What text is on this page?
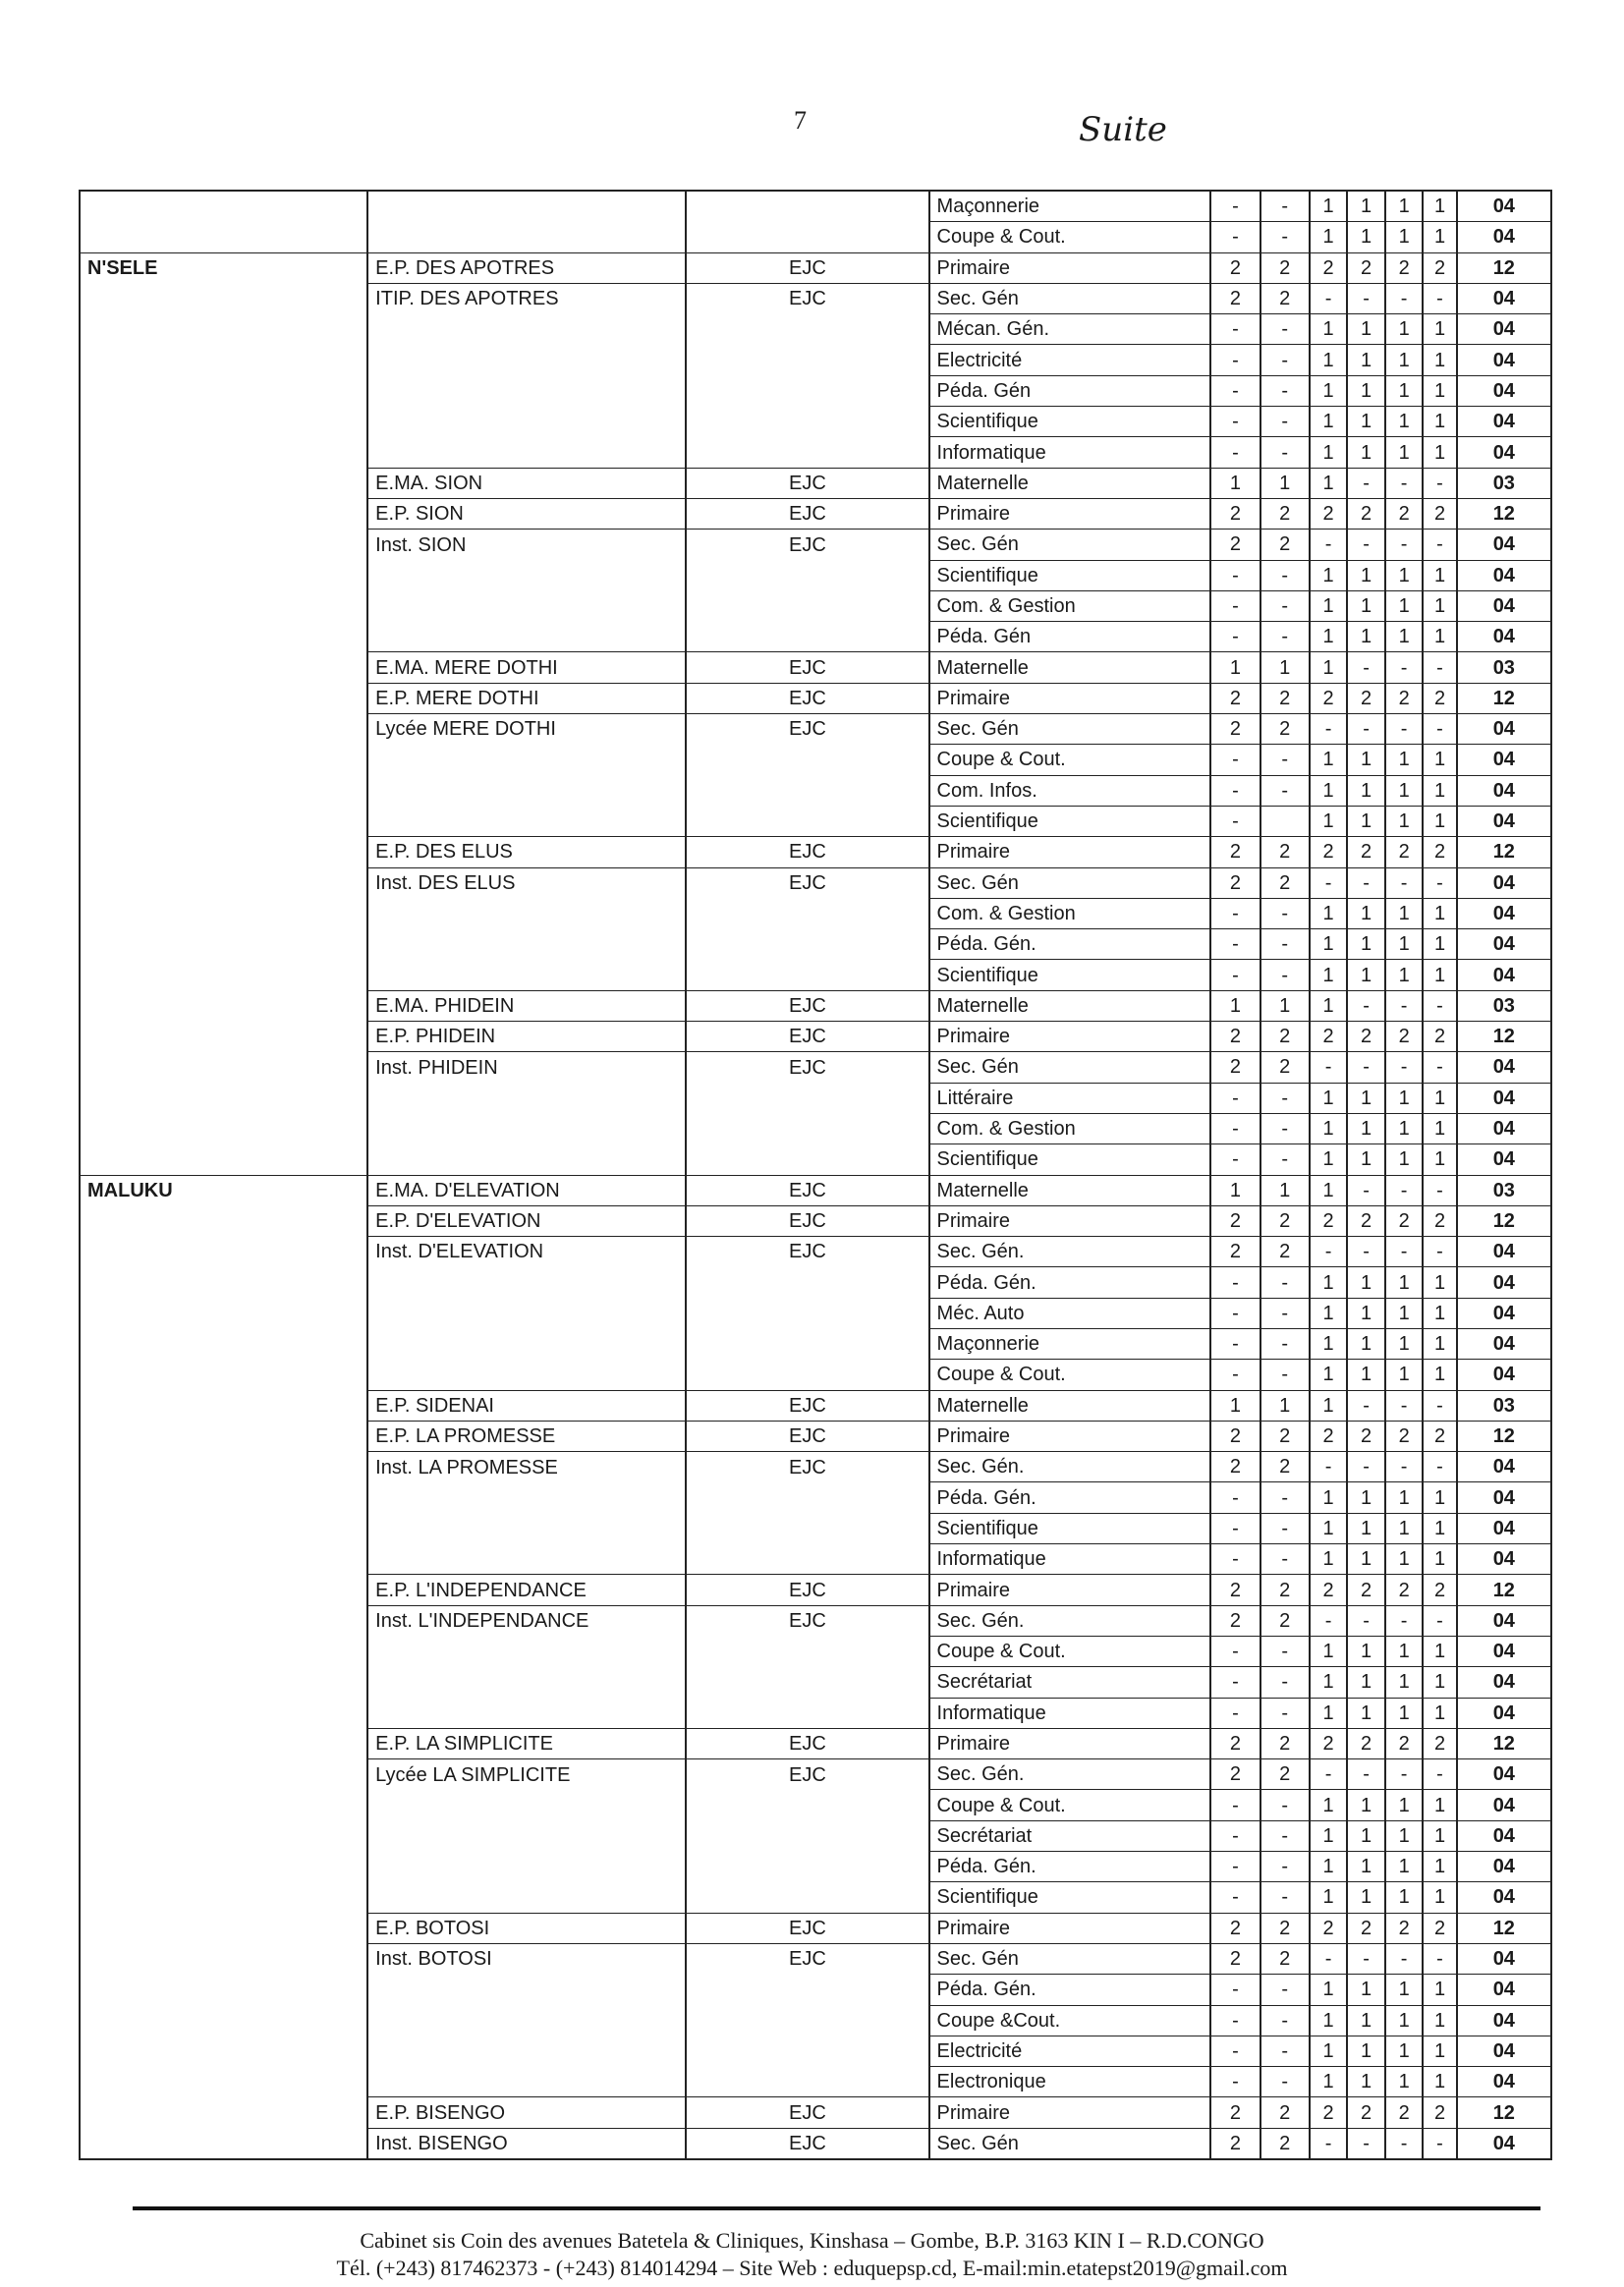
7	Suite
			Maçonnerie	-	-	1	1	1	1	04
			Coupe & Cout.	-	-	1	1	1	1	04
N'SELE	E.P. DES APOTRES	EJC	Primaire	2	2	2	2	2	2	12
	ITIP. DES APOTRES	EJC	Sec. Gén	2	2	-	-	-	-	04
			Mécan. Gén.	-	-	1	1	1	1	04
			Electricité	-	-	1	1	1	1	04
			Péda. Gén	-	-	1	1	1	1	04
			Scientifique	-	-	1	1	1	1	04
			Informatique	-	-	1	1	1	1	04
	E.MA. SION	EJC	Maternelle	1	1	1	-	-	-	03
	E.P. SION	EJC	Primaire	2	2	2	2	2	2	12
	Inst. SION	EJC	Sec. Gén	2	2	-	-	-	-	04
			Scientifique	-	-	1	1	1	1	04
			Com. & Gestion	-	-	1	1	1	1	04
			Péda. Gén	-	-	1	1	1	1	04
	E.MA. MERE DOTHI	EJC	Maternelle	1	1	1	-	-	-	03
	E.P. MERE DOTHI	EJC	Primaire	2	2	2	2	2	2	12
	Lycée MERE DOTHI	EJC	Sec. Gén	2	2	-	-	-	-	04
			Coupe & Cout.	-	-	1	1	1	1	04
			Com. Infos.	-	-	1	1	1	1	04
			Scientifique	-		1	1	1	1	04
	E.P. DES ELUS	EJC	Primaire	2	2	2	2	2	2	12
	Inst. DES ELUS	EJC	Sec. Gén	2	2	-	-	-	-	04
			Com. & Gestion	-	-	1	1	1	1	04
			Péda. Gén.	-	-	1	1	1	1	04
			Scientifique	-	-	1	1	1	1	04
	E.MA. PHIDEIN	EJC	Maternelle	1	1	1	-	-	-	03
	E.P. PHIDEIN	EJC	Primaire	2	2	2	2	2	2	12
	Inst. PHIDEIN	EJC	Sec. Gén	2	2	-	-	-	-	04
			Littéraire	-	-	1	1	1	1	04
			Com. & Gestion	-	-	1	1	1	1	04
			Scientifique	-	-	1	1	1	1	04
MALUKU	E.MA. D'ELEVATION	EJC	Maternelle	1	1	1	-	-	-	03
	E.P. D'ELEVATION	EJC	Primaire	2	2	2	2	2	2	12
	Inst. D'ELEVATION	EJC	Sec. Gén.	2	2	-	-	-	-	04
			Péda. Gén.	-	-	1	1	1	1	04
			Méc. Auto	-	-	1	1	1	1	04
			Maçonnerie	-	-	1	1	1	1	04
			Coupe & Cout.	-	-	1	1	1	1	04
	E.P. SIDENAI	EJC	Maternelle	1	1	1	-	-	-	03
	E.P. LA PROMESSE	EJC	Primaire	2	2	2	2	2	2	12
	Inst. LA PROMESSE	EJC	Sec. Gén.	2	2	-	-	-	-	04
			Péda. Gén.	-	-	1	1	1	1	04
			Scientifique	-	-	1	1	1	1	04
			Informatique	-	-	1	1	1	1	04
	E.P. L'INDEPENDANCE	EJC	Primaire	2	2	2	2	2	2	12
	Inst. L'INDEPENDANCE	EJC	Sec. Gén.	2	2	-	-	-	-	04
			Coupe & Cout.	-	-	1	1	1	1	04
			Secrétariat	-	-	1	1	1	1	04
			Informatique	-	-	1	1	1	1	04
	E.P. LA SIMPLICITE	EJC	Primaire	2	2	2	2	2	2	12
	Lycée LA SIMPLICITE	EJC	Sec. Gén.	2	2	-	-	-	-	04
			Coupe & Cout.	-	-	1	1	1	1	04
			Secrétariat	-	-	1	1	1	1	04
			Péda. Gén.	-	-	1	1	1	1	04
			Scientifique	-	-	1	1	1	1	04
	E.P. BOTOSI	EJC	Primaire	2	2	2	2	2	2	12
	Inst. BOTOSI	EJC	Sec. Gén	2	2	-	-	-	-	04
			Péda. Gén.	-	-	1	1	1	1	04
			Coupe &Cout.	-	-	1	1	1	1	04
			Electricité	-	-	1	1	1	1	04
			Electronique	-	-	1	1	1	1	04
	E.P. BISENGO	EJC	Primaire	2	2	2	2	2	2	12
	Inst. BISENGO	EJC	Sec. Gén	2	2	-	-	-	-	04
Cabinet sis Coin des avenues Batetela & Cliniques, Kinshasa – Gombe, B.P. 3163 KIN I – R.D.CONGO
Tél. (+243) 817462373 - (+243) 814014294 – Site Web : eduquepsp.cd, E-mail:min.etatepst2019@gmail.com
